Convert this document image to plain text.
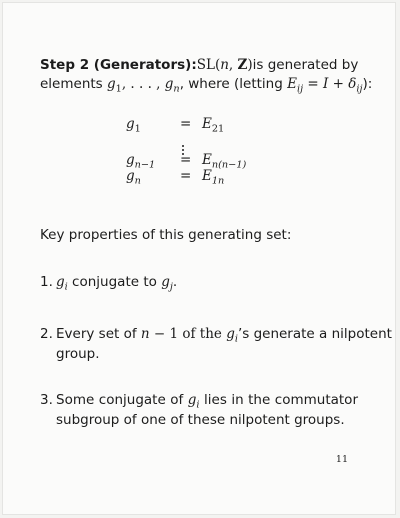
Step 2 (Generators): SL(n, Z) is generated by
elements $g_1$, . . . , $g_n$, where (letting $E_{ij} = I + \delta_{ij}$):
$g_1$	= $E_{21}$
$g_{n-1} = E_{n(n-1)}$
$g_n$	= $E_{1n}$
Key properties of this generating set:
1. $g_i$ conjugate to $g_j$.
2. Every set of n − 1 of the $g_i’s$ generate a nilpotent
group.
3. Some conjugate of $g_i$ lies in the commutator
subgroup of one of these nilpotent groups.
11
